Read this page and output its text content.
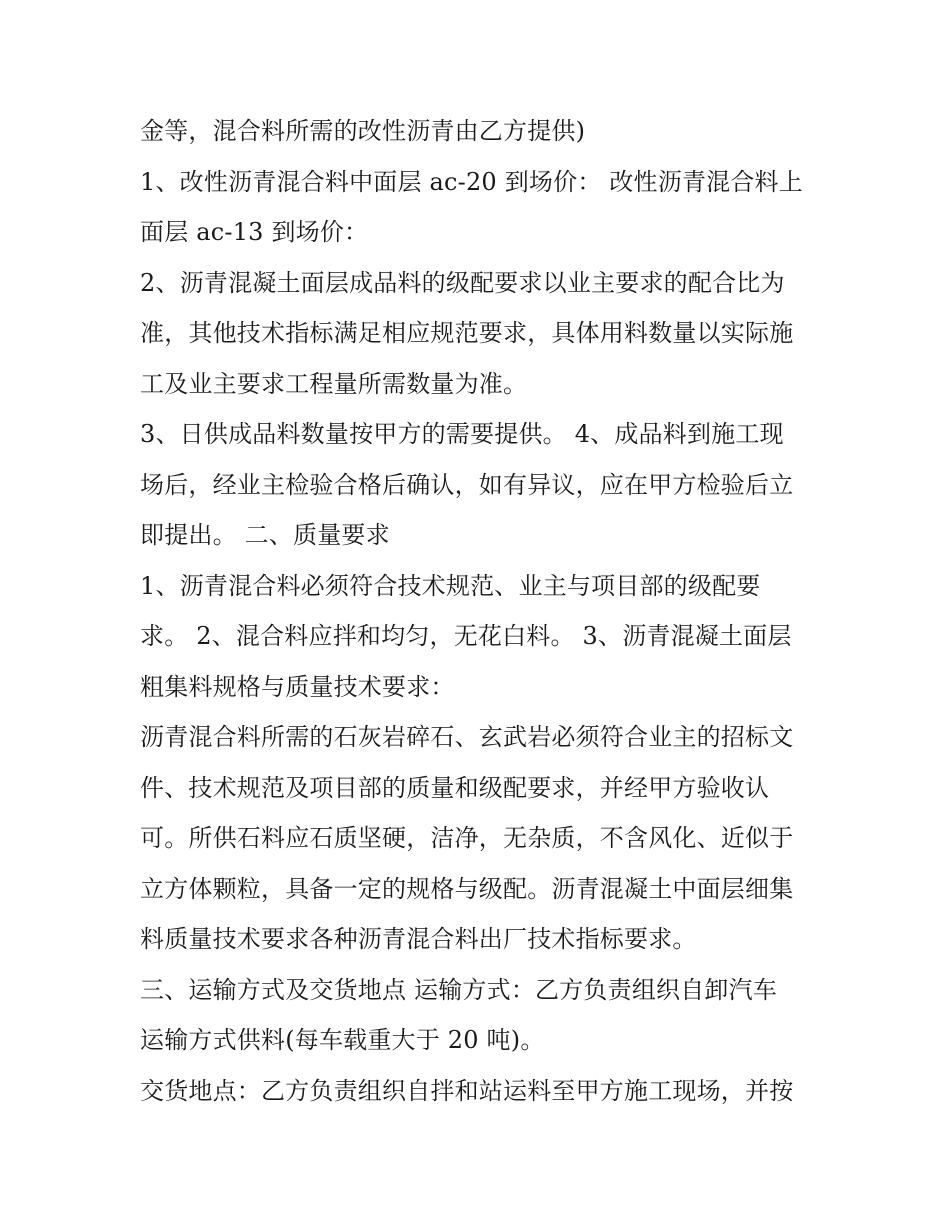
金等，混合料所需的改性沥青由乙方提供)
1、改性沥青混合料中面层 ac-20 到场价： 改性沥青混合料上
面层 ac-13 到场价：
2、沥青混凝土面层成品料的级配要求以业主要求的配合比为
准，其他技术指标满足相应规范要求，具体用料数量以实际施
工及业主要求工程量所需数量为准。
3、日供成品料数量按甲方的需要提供。 4、成品料到施工现
场后，经业主检验合格后确认，如有异议，应在甲方检验后立
即提出。 二、质量要求
1、沥青混合料必须符合技术规范、业主与项目部的级配要
求。 2、混合料应拌和均匀，无花白料。 3、沥青混凝土面层
粗集料规格与质量技术要求：
沥青混合料所需的石灰岩碎石、玄武岩必须符合业主的招标文
件、技术规范及项目部的质量和级配要求，并经甲方验收认
可。所供石料应石质坚硬，洁净，无杂质，不含风化、近似于
立方体颗粒，具备一定的规格与级配。沥青混凝土中面层细集
料质量技术要求各种沥青混合料出厂技术指标要求。
三、运输方式及交货地点 运输方式：乙方负责组织自卸汽车
运输方式供料(每车载重大于 20 吨)。
交货地点：乙方负责组织自拌和站运料至甲方施工现场，并按
